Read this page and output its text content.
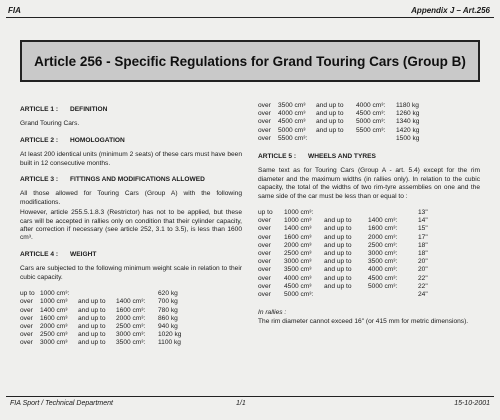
FIA	Appendix J – Art.256
Article 256 - Specific Regulations for Grand Touring Cars (Group B)
ARTICLE 1 : DEFINITION
Grand Touring Cars.
ARTICLE 2 : HOMOLOGATION
At least 200 identical units (minimum 2 seats) of these cars must have been built in 12 consecutive months.
ARTICLE 3 : FITTINGS AND MODIFICATIONS ALLOWED
All those allowed for Touring Cars (Group A) with the following modifications.
However, article 255.5.1.8.3 (Restrictor) has not to be applied, but these cars will be accepted in rallies only on condition that their cylinder capacity, after correction if necessary (see article 252, 3.1 to 3.5), is less than 1600 cm³.
ARTICLE 4 : WEIGHT
Cars are subjected to the following minimum weight scale in relation to their cubic capacity.
up to	1000 cm³:			620 kg
over	1000 cm³	and up to	1400 cm³:	700 kg
over	1400 cm³	and up to	1600 cm³:	780 kg
over	1600 cm³	and up to	2000 cm³:	860 kg
over	2000 cm³	and up to	2500 cm³:	940 kg
over	2500 cm³	and up to	3000 cm³:	1020 kg
over	3000 cm³	and up to	3500 cm³:	1100 kg
over	3500 cm³	and up to	4000 cm³:	1180 kg
over	4000 cm³	and up to	4500 cm³:	1260 kg
over	4500 cm³	and up to	5000 cm³:	1340 kg
over	5000 cm³	and up to	5500 cm³:	1420 kg
over	5500 cm³:			1500 kg
ARTICLE 5 : WHEELS AND TYRES
Same text as for Touring Cars (Group A - art. 5.4) except for the rim diameter and the maximum widths (in rallies only). In relation to the cubic capacity, the total of the widths of two rim-tyre assemblies on one and the same side of the car must be less than or equal to :
up to	1000 cm³:			13"
over	1000 cm³	and up to	1400 cm³:	14"
over	1400 cm³	and up to	1600 cm³:	15"
over	1600 cm³	and up to	2000 cm³:	17"
over	2000 cm³	and up to	2500 cm³:	18"
over	2500 cm³	and up to	3000 cm³:	18"
over	3000 cm³	and up to	3500 cm³:	20"
over	3500 cm³	and up to	4000 cm³:	20"
over	4000 cm³	and up to	4500 cm³:	22"
over	4500 cm³	and up to	5000 cm³:	22"
over	5000 cm³:			24"
In rallies :
The rim diameter cannot exceed 16" (or 415 mm for metric dimensions).
FIA Sport / Technical Department	1/1	15-10-2001
